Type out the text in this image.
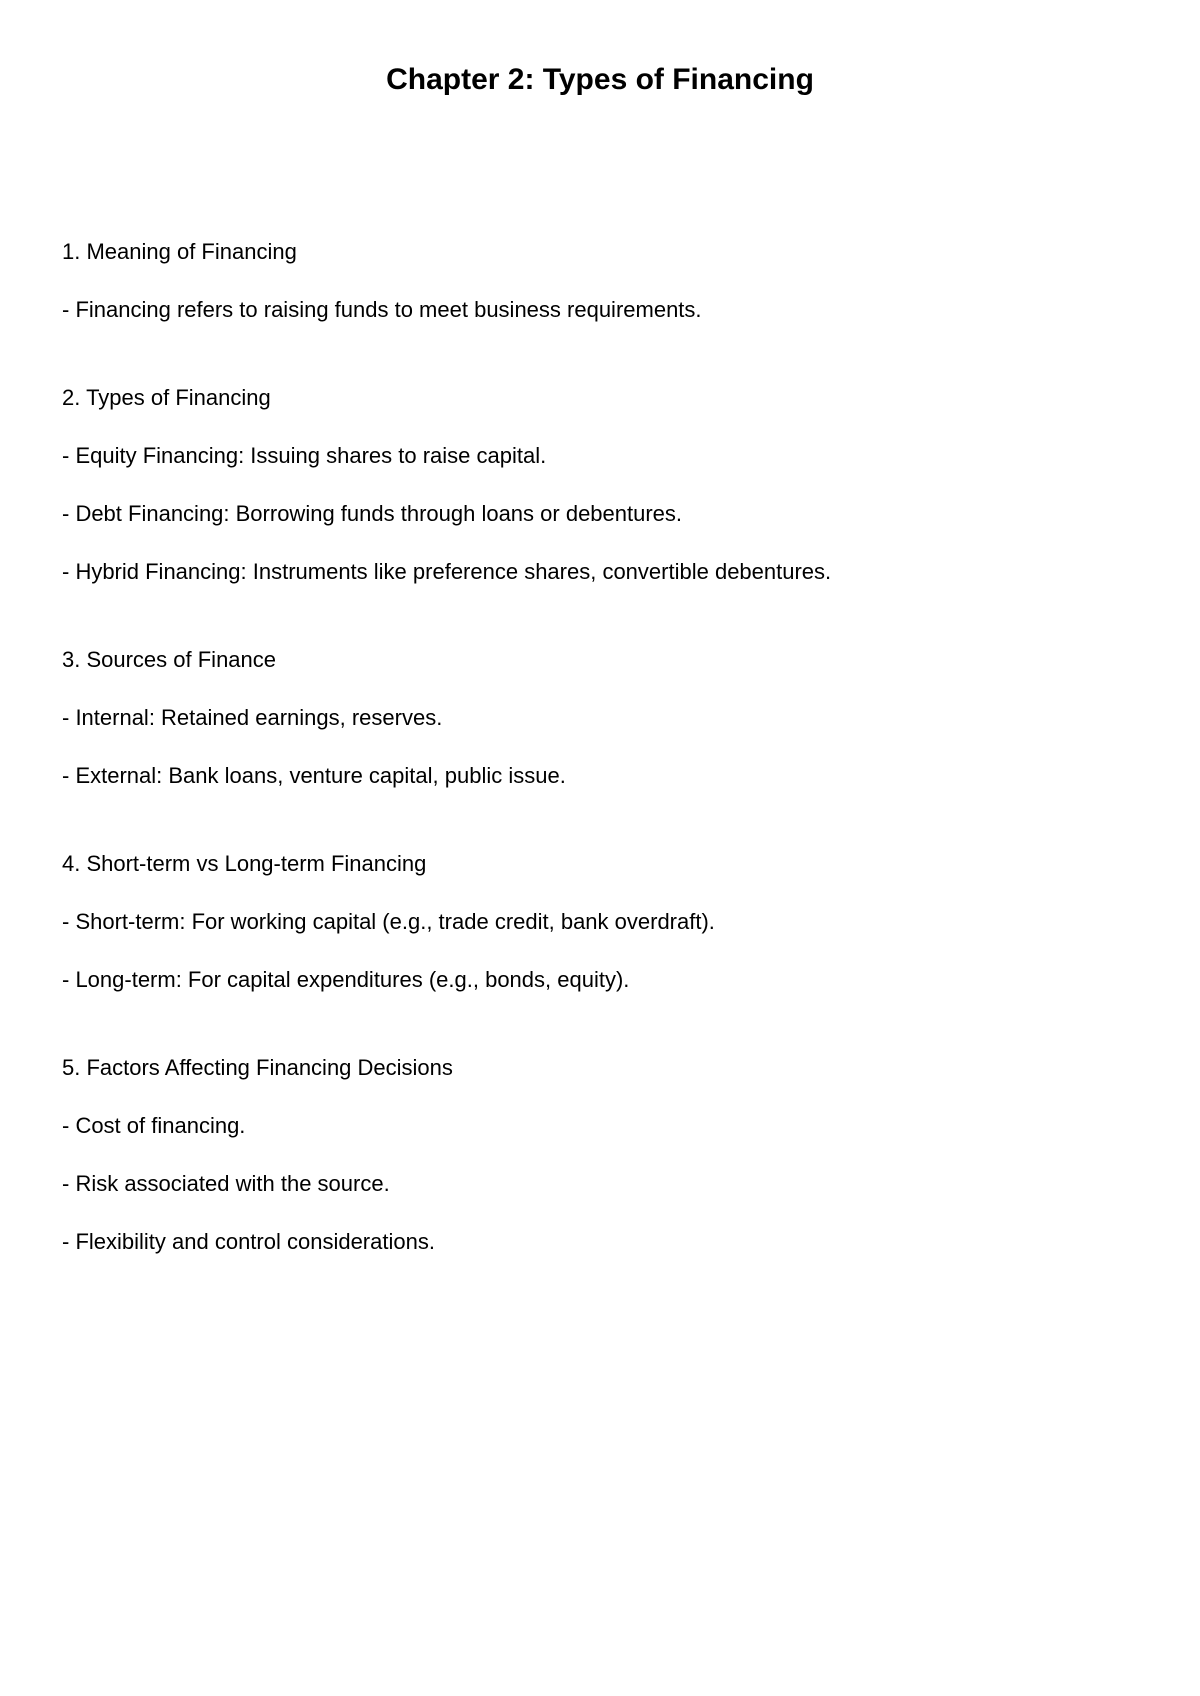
Chapter 2: Types of Financing
1. Meaning of Financing
- Financing refers to raising funds to meet business requirements.
2. Types of Financing
- Equity Financing: Issuing shares to raise capital.
- Debt Financing: Borrowing funds through loans or debentures.
- Hybrid Financing: Instruments like preference shares, convertible debentures.
3. Sources of Finance
- Internal: Retained earnings, reserves.
- External: Bank loans, venture capital, public issue.
4. Short-term vs Long-term Financing
- Short-term: For working capital (e.g., trade credit, bank overdraft).
- Long-term: For capital expenditures (e.g., bonds, equity).
5. Factors Affecting Financing Decisions
- Cost of financing.
- Risk associated with the source.
- Flexibility and control considerations.
